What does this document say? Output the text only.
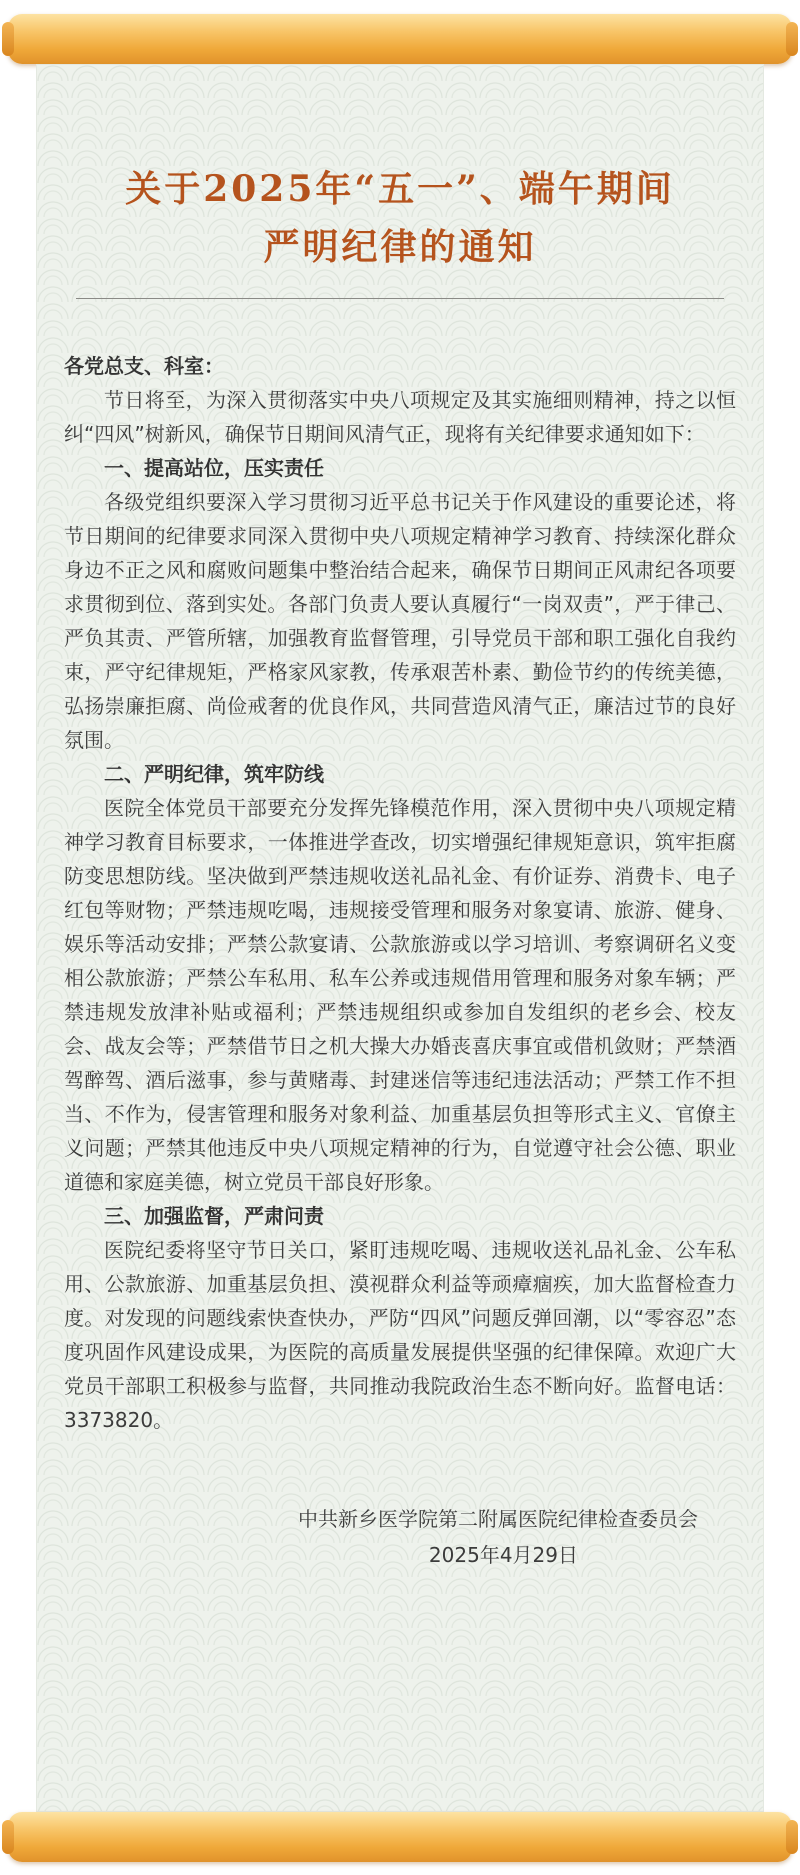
关于2025年“五一”、端午期间
严明纪律的通知
各党总支、科室：
节日将至，为深入贯彻落实中央八项规定及其实施细则精神，持之以恒纠“四风”树新风，确保节日期间风清气正，现将有关纪律要求通知如下：
一、提高站位，压实责任
各级党组织要深入学习贯彻习近平总书记关于作风建设的重要论述，将节日期间的纪律要求同深入贯彻中央八项规定精神学习教育、持续深化群众身边不正之风和腐败问题集中整治结合起来，确保节日期间正风肃纪各项要求贯彻到位、落到实处。各部门负责人要认真履行“一岗双责”，严于律己、严负其责、严管所辖，加强教育监督管理，引导党员干部和职工强化自我约束，严守纪律规矩，严格家风家教，传承艰苦朴素、勤俭节约的传统美德，弘扬崇廉拒腐、尚俭戒奢的优良作风，共同营造风清气正，廉洁过节的良好氛围。
二、严明纪律，筑牢防线
医院全体党员干部要充分发挥先锋模范作用，深入贯彻中央八项规定精神学习教育目标要求，一体推进学查改，切实增强纪律规矩意识，筑牢拒腐防变思想防线。坚决做到严禁违规收送礼品礼金、有价证券、消费卡、电子红包等财物；严禁违规吃喝，违规接受管理和服务对象宴请、旅游、健身、娱乐等活动安排；严禁公款宴请、公款旅游或以学习培训、考察调研名义变相公款旅游；严禁公车私用、私车公养或违规借用管理和服务对象车辆；严禁违规发放津补贴或福利；严禁违规组织或参加自发组织的老乡会、校友会、战友会等；严禁借节日之机大操大办婚丧喜庆事宜或借机敛财；严禁酒驾醉驾、酒后滋事，参与黄赌毒、封建迷信等违纪违法活动；严禁工作不担当、不作为，侵害管理和服务对象利益、加重基层负担等形式主义、官僚主义问题；严禁其他违反中央八项规定精神的行为，自觉遵守社会公德、职业道德和家庭美德，树立党员干部良好形象。
三、加强监督，严肃问责
医院纪委将坚守节日关口，紧盯违规吃喝、违规收送礼品礼金、公车私用、公款旅游、加重基层负担、漠视群众利益等顽瘴痼疾，加大监督检查力度。对发现的问题线索快查快办，严防“四风”问题反弹回潮，以“零容忍”态度巩固作风建设成果，为医院的高质量发展提供坚强的纪律保障。欢迎广大党员干部职工积极参与监督，共同推动我院政治生态不断向好。监督电话：3373820。
中共新乡医学院第二附属医院纪律检查委员会
2025年4月29日
